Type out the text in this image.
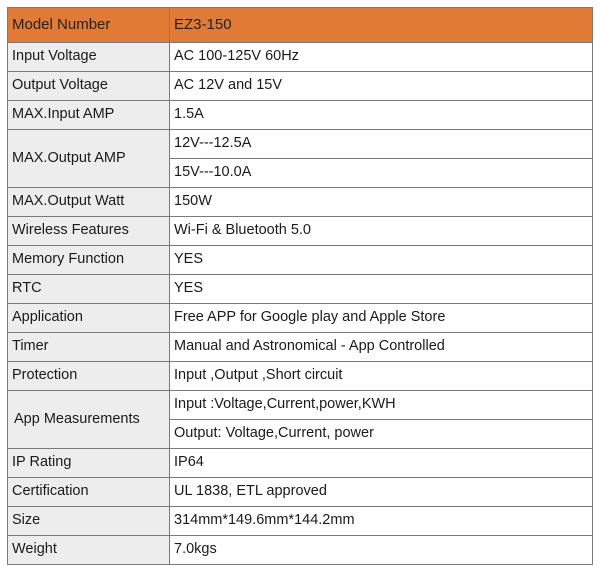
Model Number	EZ3-150
Input Voltage	AC 100-125V 60Hz
Output Voltage	AC 12V and 15V
MAX.Input AMP	1.5A
MAX.Output AMP	12V---12.5A
	15V---10.0A
MAX.Output Watt	150W
Wireless Features	Wi-Fi & Bluetooth 5.0
Memory Function	YES
RTC	YES
Application	Free APP for Google play and Apple Store
Timer	Manual and Astronomical - App Controlled
Protection	Input ,Output ,Short circuit
App Measurements	Input :Voltage,Current,power,KWH
	Output: Voltage,Current, power
IP Rating	IP64
Certification	UL 1838, ETL approved
Size	314mm*149.6mm*144.2mm
Weight	7.0kgs
